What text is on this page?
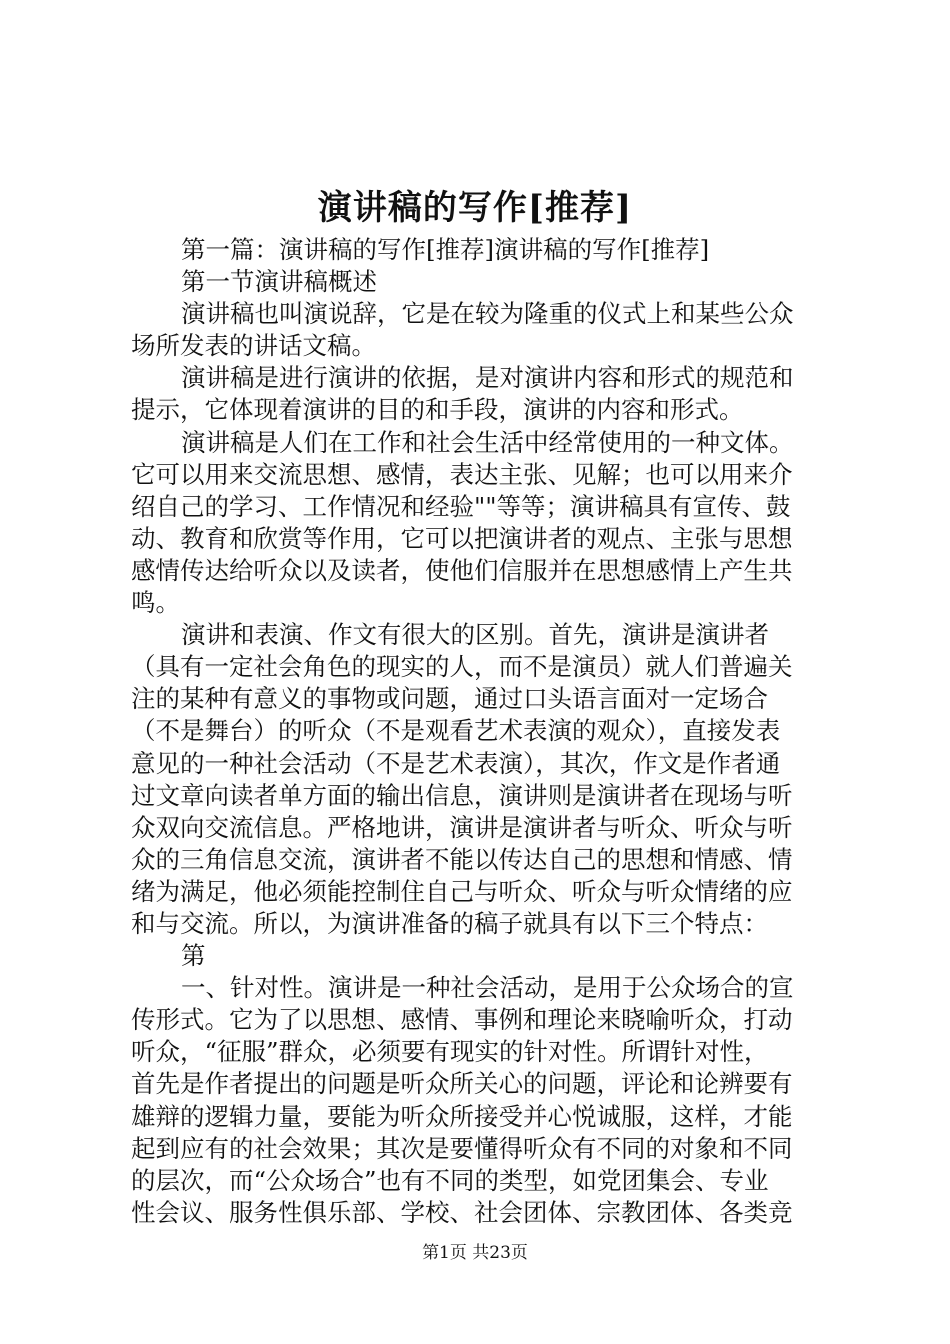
演讲稿的写作[推荐]
第一篇：演讲稿的写作[推荐]演讲稿的写作[推荐]
第一节演讲稿概述
演讲稿也叫演说辞，它是在较为隆重的仪式上和某些公众
场所发表的讲话文稿。
演讲稿是进行演讲的依据，是对演讲内容和形式的规范和
提示，它体现着演讲的目的和手段，演讲的内容和形式。
演讲稿是人们在工作和社会生活中经常使用的一种文体。
它可以用来交流思想、感情，表达主张、见解；也可以用来介
绍自己的学习、工作情况和经验""等等；演讲稿具有宣传、鼓
动、教育和欣赏等作用，它可以把演讲者的观点、主张与思想
感情传达给听众以及读者，使他们信服并在思想感情上产生共
鸣。
演讲和表演、作文有很大的区别。首先，演讲是演讲者
（具有一定社会角色的现实的人，而不是演员）就人们普遍关
注的某种有意义的事物或问题，通过口头语言面对一定场合
（不是舞台）的听众（不是观看艺术表演的观众），直接发表
意见的一种社会活动（不是艺术表演），其次，作文是作者通
过文章向读者单方面的输出信息，演讲则是演讲者在现场与听
众双向交流信息。严格地讲，演讲是演讲者与听众、听众与听
众的三角信息交流，演讲者不能以传达自己的思想和情感、情
绪为满足，他必须能控制住自己与听众、听众与听众情绪的应
和与交流。所以，为演讲准备的稿子就具有以下三个特点：
第
一、针对性。演讲是一种社会活动，是用于公众场合的宣
传形式。它为了以思想、感情、事例和理论来晓喻听众，打动
听众，“征服”群众，必须要有现实的针对性。所谓针对性，
首先是作者提出的问题是听众所关心的问题，评论和论辨要有
雄辩的逻辑力量，要能为听众所接受并心悦诚服，这样，才能
起到应有的社会效果；其次是要懂得听众有不同的对象和不同
的层次，而“公众场合”也有不同的类型，如党团集会、专业
性会议、服务性俱乐部、学校、社会团体、宗教团体、各类竞
第1页 共23页
